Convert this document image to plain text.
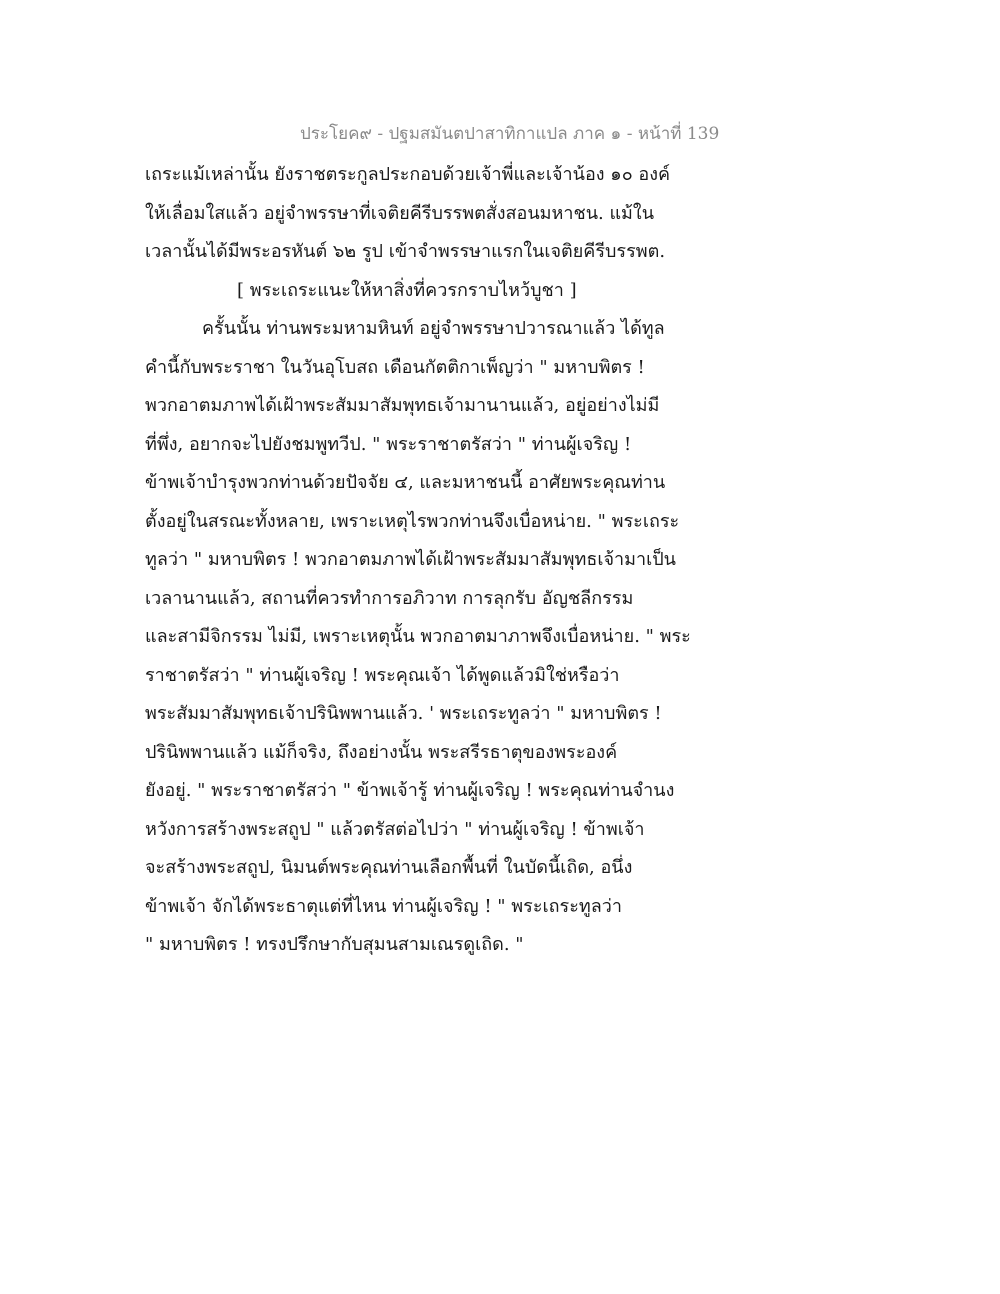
ประโยค๙ - ปฐมสมันตปาสาทิกาแปล ภาค ๑ - หน้าที่ 139
เถระแม้เหล่านั้น ยังราชตระกูลประกอบด้วยเจ้าพี่และเจ้าน้อง ๑๐ องค์
ให้เลื่อมใสแล้ว อยู่จำพรรษาที่เจติยคีรีบรรพตสั่งสอนมหาชน. แม้ใน
เวลานั้นได้มีพระอรหันต์ ๖๒ รูป เข้าจำพรรษาแรกในเจติยคีรีบรรพต.
[ พระเถระแนะให้หาสิ่งที่ควรกราบไหว้บูชา ]
ครั้นนั้น ท่านพระมหามหินท์ อยู่จำพรรษาปวารณาแล้ว ได้ทูล
คำนี้กับพระราชา ในวันอุโบสถ เดือนกัตติกาเพ็ญว่า " มหาบพิตร !
พวกอาตมภาพได้เฝ้าพระสัมมาสัมพุทธเจ้ามานานแล้ว, อยู่อย่างไม่มี
ที่พึ่ง, อยากจะไปยังชมพูทวีป. " พระราชาตรัสว่า " ท่านผู้เจริญ !
ข้าพเจ้าบำรุงพวกท่านด้วยปัจจัย ๔, และมหาชนนี้ อาศัยพระคุณท่าน
ตั้งอยู่ในสรณะทั้งหลาย, เพราะเหตุไรพวกท่านจึงเบื่อหน่าย. " พระเถระ
ทูลว่า " มหาบพิตร ! พวกอาตมภาพได้เฝ้าพระสัมมาสัมพุทธเจ้ามาเป็น
เวลานานแล้ว, สถานที่ควรทำการอภิวาท การลุกรับ อัญชลีกรรม
และสามีจิกรรม ไม่มี, เพราะเหตุนั้น พวกอาตมาภาพจึงเบื่อหน่าย. " พระ
ราชาตรัสว่า " ท่านผู้เจริญ ! พระคุณเจ้า ได้พูดแล้วมิใช่หรือว่า
พระสัมมาสัมพุทธเจ้าปรินิพพานแล้ว. ' พระเถระทูลว่า " มหาบพิตร !
ปรินิพพานแล้ว แม้ก็จริง, ถึงอย่างนั้น พระสรีรธาตุของพระองค์
ยังอยู่. " พระราชาตรัสว่า " ข้าพเจ้ารู้ ท่านผู้เจริญ ! พระคุณท่านจำนง
หวังการสร้างพระสถูป " แล้วตรัสต่อไปว่า " ท่านผู้เจริญ ! ข้าพเจ้า
จะสร้างพระสถูป, นิมนต์พระคุณท่านเลือกพื้นที่ ในบัดนี้เถิด, อนึ่ง
ข้าพเจ้า จักได้พระธาตุแต่ที่ไหน ท่านผู้เจริญ ! " พระเถระทูลว่า
" มหาบพิตร ! ทรงปรึกษากับสุมนสามเณรดูเถิด. "
